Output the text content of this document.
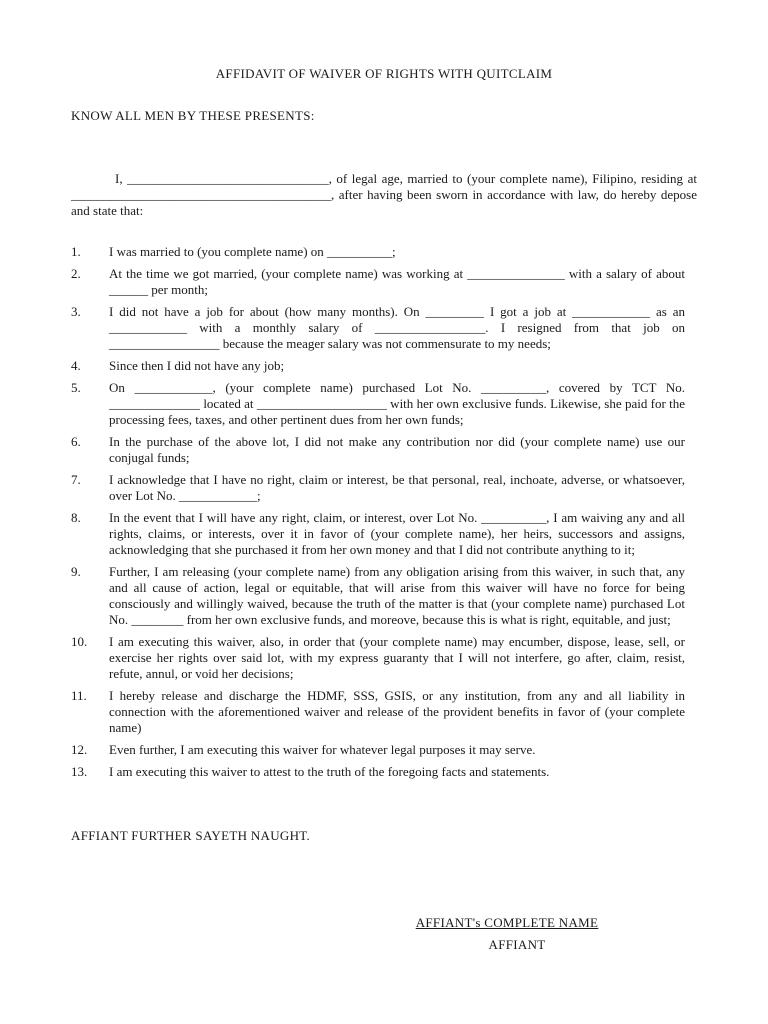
AFFIDAVIT OF WAIVER OF RIGHTS WITH QUITCLAIM
KNOW ALL MEN BY THESE PRESENTS:
I, _______________________________, of legal age, married to (your complete name), Filipino, residing at ________________________________________, after having been sworn in accordance with law, do hereby depose and state that:
1.	I was married to (you complete name) on __________;
2.	At the time we got married, (your complete name) was working at _______________ with a salary of about ______ per month;
3.	I did not have a job for about (how many months). On _________ I got a job at ____________ as an ____________ with a monthly salary of _________________. I resigned from that job on _________________ because the meager salary was not commensurate to my needs;
4.	Since then I did not have any job;
5.	On ____________, (your complete name) purchased Lot No. __________, covered by TCT No. ______________ located at ____________________ with her own exclusive funds. Likewise, she paid for the processing fees, taxes, and other pertinent dues from her own funds;
6.	In the purchase of the above lot, I did not make any contribution nor did (your complete name) use our conjugal funds;
7.	I acknowledge that I have no right, claim or interest, be that personal, real, inchoate, adverse, or whatsoever, over Lot No. ____________;
8.	In the event that I will have any right, claim, or interest, over Lot No. __________, I am waiving any and all rights, claims, or interests, over it in favor of (your complete name), her heirs, successors and assigns, acknowledging that she purchased it from her own money and that I did not contribute anything to it;
9.	Further, I am releasing (your complete name) from any obligation arising from this waiver, in such that, any and all cause of action, legal or equitable, that will arise from this waiver will have no force for being consciously and willingly waived, because the truth of the matter is that (your complete name) purchased Lot No. ________ from her own exclusive funds, and moreove, because this is what is right, equitable, and just;
10.	I am executing this waiver, also, in order that (your complete name) may encumber, dispose, lease, sell, or exercise her rights over said lot, with my express guaranty that I will not interfere, go after, claim, resist, refute, annul, or void her decisions;
11.	I hereby release and discharge the HDMF, SSS, GSIS, or any institution, from any and all liability in connection with the aforementioned waiver and release of the provident benefits in favor of (your complete name)
12.	Even further, I am executing this waiver for whatever legal purposes it may serve.
13.	I am executing this waiver to attest to the truth of the foregoing facts and statements.
AFFIANT FURTHER SAYETH NAUGHT.
AFFIANT's COMPLETE NAME
AFFIANT
